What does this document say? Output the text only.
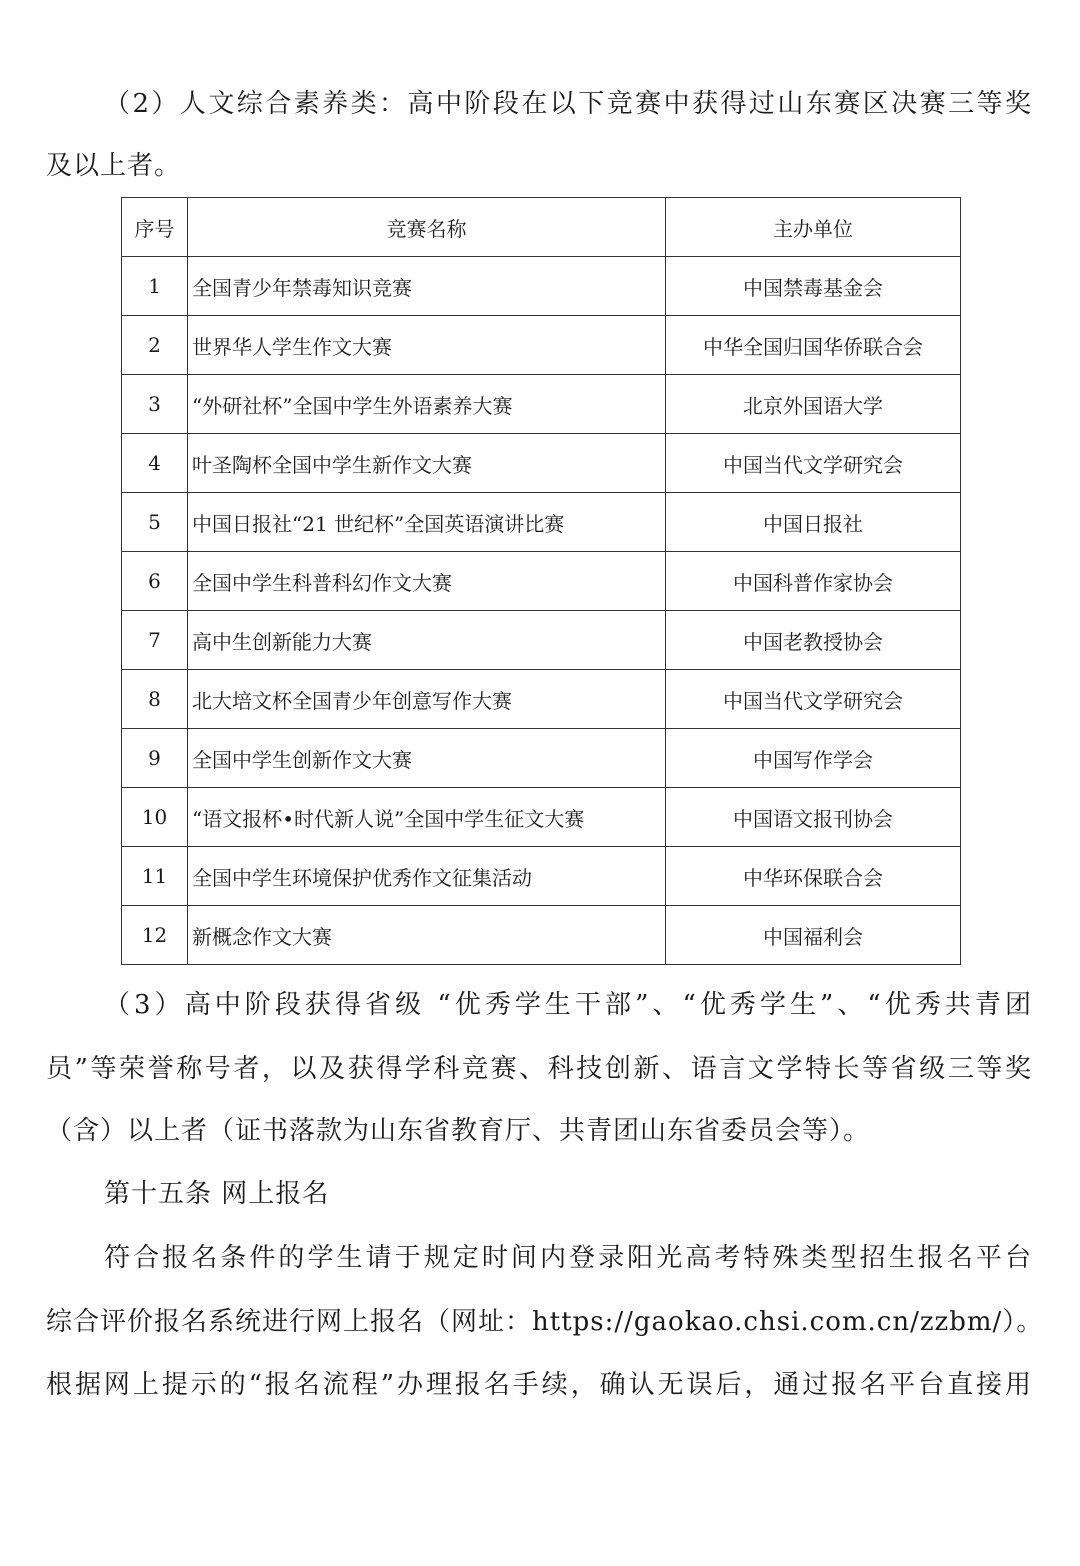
（2）人文综合素养类：高中阶段在以下竞赛中获得过山东赛区决赛三等奖
及以上者。
序号	竞赛名称	主办单位
1	全国青少年禁毒知识竞赛	中国禁毒基金会
2	世界华人学生作文大赛	中华全国归国华侨联合会
3	“外研社杯”全国中学生外语素养大赛	北京外国语大学
4	叶圣陶杯全国中学生新作文大赛	中国当代文学研究会
5	中国日报社“21 世纪杯”全国英语演讲比赛	中国日报社
6	全国中学生科普科幻作文大赛	中国科普作家协会
7	高中生创新能力大赛	中国老教授协会
8	北大培文杯全国青少年创意写作大赛	中国当代文学研究会
9	全国中学生创新作文大赛	中国写作学会
10	“语文报杯•时代新人说”全国中学生征文大赛	中国语文报刊协会
11	全国中学生环境保护优秀作文征集活动	中华环保联合会
12	新概念作文大赛	中国福利会
（3）高中阶段获得省级 “优秀学生干部”、“优秀学生”、“优秀共青团
员”等荣誉称号者，以及获得学科竞赛、科技创新、语言文学特长等省级三等奖
（含）以上者（证书落款为山东省教育厅、共青团山东省委员会等）。
第十五条 网上报名
符合报名条件的学生请于规定时间内登录阳光高考特殊类型招生报名平台
综合评价报名系统进行网上报名（网址：https://gaokao.chsi.com.cn/zzbm/）。
根据网上提示的“报名流程”办理报名手续，确认无误后，通过报名平台直接用
